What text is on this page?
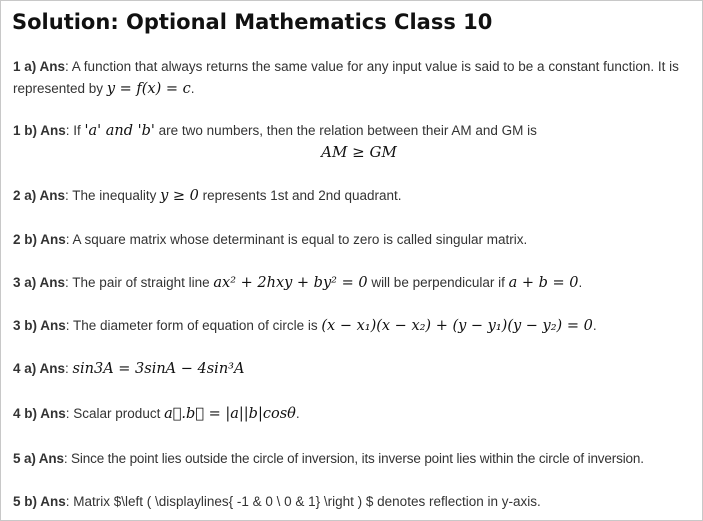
Solution: Optional Mathematics Class 10

1 a) Ans: A function that always returns the same value for any input value is said to be a constant function. It is represented by y = f(x) = c.

1 b) Ans: If 'a' and 'b' are two numbers, then the relation between their AM and GM is
AM ≥ GM

2 a) Ans: The inequality y ≥ 0 represents 1st and 2nd quadrant.

2 b) Ans: A square matrix whose determinant is equal to zero is called singular matrix.

3 a) Ans: The pair of straight line ax² + 2hxy + by² = 0 will be perpendicular if a + b = 0.

3 b) Ans: The diameter form of equation of circle is (x − x₁)(x − x₂) + (y − y₁)(y − y₂) = 0.

4 a) Ans: sin3A = 3sinA − 4sin³A

4 b) Ans: Scalar product a⃗.b⃗ = |a||b|cosθ.

5 a) Ans: Since the point lies outside the circle of inversion, its inverse point lies within the circle of inversion.

5 b) Ans: Matrix $\left ( \displaylines{ -1 & 0 \ 0 & 1} \right ) $ denotes reflection in y-axis.
